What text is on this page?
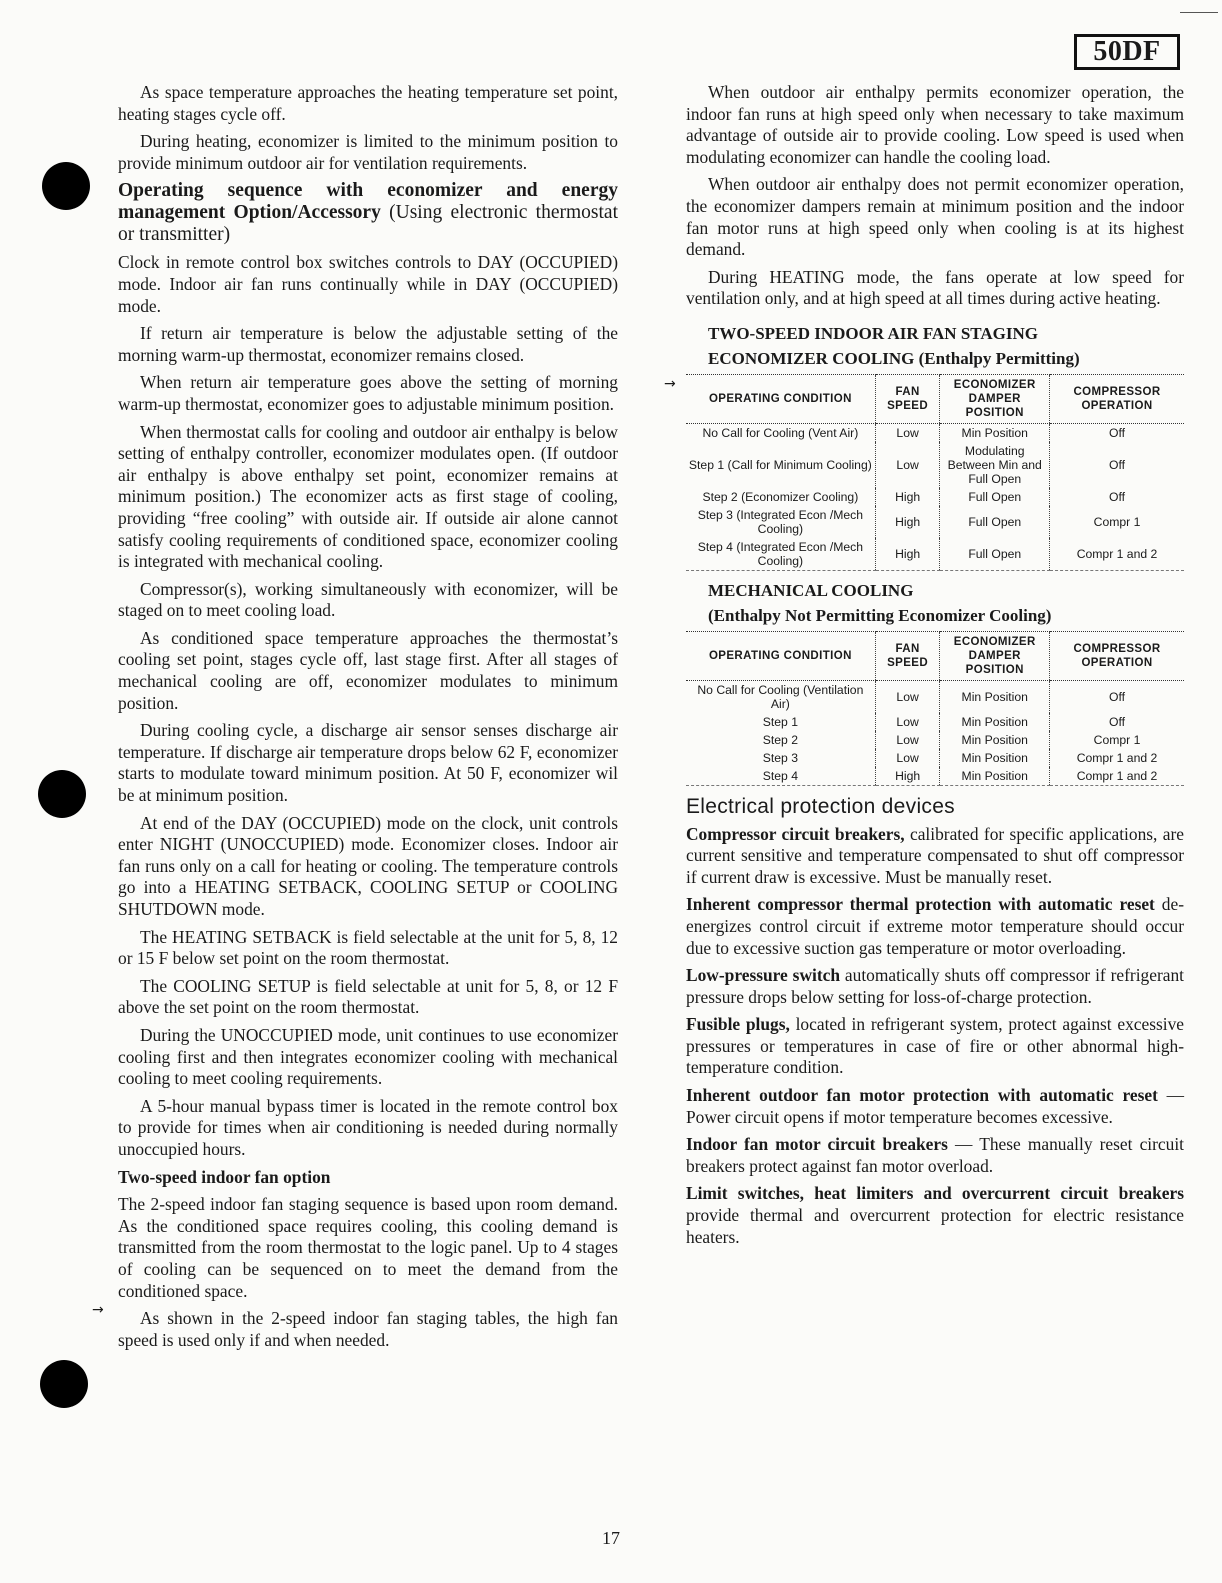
50DF
→
→

As space temperature approaches the heating temperature set point, heating stages cycle off.

During heating, economizer is limited to the minimum position to provide minimum outdoor air for ventilation requirements.

Operating sequence with economizer and energy management Option/Accessory (Using electronic thermostat or transmitter)

Clock in remote control box switches controls to DAY (OCCUPIED) mode. Indoor air fan runs continually while in DAY (OCCUPIED) mode.

If return air temperature is below the adjustable setting of the morning warm-up thermostat, economizer remains closed.

When return air temperature goes above the setting of morning warm-up thermostat, economizer goes to adjustable minimum position.

When thermostat calls for cooling and outdoor air enthalpy is below setting of enthalpy controller, economizer modulates open. (If outdoor air enthalpy is above enthalpy set point, economizer remains at minimum position.) The economizer acts as first stage of cooling, providing “free cooling” with outside air. If outside air alone cannot satisfy cooling requirements of conditioned space, economizer cooling is integrated with mechanical cooling.

Compressor(s), working simultaneously with economizer, will be staged on to meet cooling load.

As conditioned space temperature approaches the thermostat’s cooling set point, stages cycle off, last stage first. After all stages of mechanical cooling are off, economizer modulates to minimum position.

During cooling cycle, a discharge air sensor senses discharge air temperature. If discharge air temperature drops below 62 F, economizer starts to modulate toward minimum position. At 50 F, economizer wil be at minimum position.

At end of the DAY (OCCUPIED) mode on the clock, unit controls enter NIGHT (UNOCCUPIED) mode. Economizer closes. Indoor air fan runs only on a call for heating or cooling. The temperature controls go into a HEATING SETBACK, COOLING SETUP or COOLING SHUTDOWN mode.

The HEATING SETBACK is field selectable at the unit for 5, 8, 12 or 15 F below set point on the room thermostat.

The COOLING SETUP is field selectable at unit for 5, 8, or 12 F above the set point on the room thermostat.

During the UNOCCUPIED mode, unit continues to use economizer cooling first and then integrates economizer cooling with mechanical cooling to meet cooling requirements.

A 5-hour manual bypass timer is located in the remote control box to provide for times when air conditioning is needed during normally unoccupied hours.

Two-speed indoor fan option

The 2-speed indoor fan staging sequence is based upon room demand. As the conditioned space requires cooling, this cooling demand is transmitted from the room thermostat to the logic panel. Up to 4 stages of cooling can be sequenced on to meet the demand from the conditioned space.

As shown in the 2-speed indoor fan staging tables, the high fan speed is used only if and when needed.

When outdoor air enthalpy permits economizer operation, the indoor fan runs at high speed only when necessary to take maximum advantage of outside air to provide cooling. Low speed is used when modulating economizer can handle the cooling load.

When outdoor air enthalpy does not permit economizer operation, the economizer dampers remain at minimum position and the indoor fan motor runs at high speed only when cooling is at its highest demand.

During HEATING mode, the fans operate at low speed for ventilation only, and at high speed at all times during active heating.

TWO-SPEED INDOOR AIR FAN STAGING

ECONOMIZER COOLING (Enthalpy Permitting)

OPERATING CONDITION	FAN SPEED	ECONOMIZER DAMPER POSITION	COMPRESSOR OPERATION
No Call for Cooling (Vent Air)	Low	Min Position	Off
Step 1 (Call for Minimum Cooling)	Low	Modulating Between Min and Full Open	Off
Step 2 (Economizer Cooling)	High	Full Open	Off
Step 3 (Integrated Econ /Mech Cooling)	High	Full Open	Compr 1
Step 4 (Integrated Econ /Mech Cooling)	High	Full Open	Compr 1 and 2

MECHANICAL COOLING

(Enthalpy Not Permitting Economizer Cooling)

OPERATING CONDITION	FAN SPEED	ECONOMIZER DAMPER POSITION	COMPRESSOR OPERATION
No Call for Cooling (Ventilation Air)	Low	Min Position	Off
Step 1	Low	Min Position	Off
Step 2	Low	Min Position	Compr 1
Step 3	Low	Min Position	Compr 1 and 2
Step 4	High	Min Position	Compr 1 and 2

Electrical protection devices

Compressor circuit breakers, calibrated for specific applications, are current sensitive and temperature compensated to shut off compressor if current draw is excessive. Must be manually reset.

Inherent compressor thermal protection with automatic reset de-energizes control circuit if extreme motor temperature should occur due to excessive suction gas temperature or motor overloading.

Low-pressure switch automatically shuts off compressor if refrigerant pressure drops below setting for loss-of-charge protection.

Fusible plugs, located in refrigerant system, protect against excessive pressures or temperatures in case of fire or other abnormal high-temperature condition.

Inherent outdoor fan motor protection with automatic reset — Power circuit opens if motor temperature becomes excessive.

Indoor fan motor circuit breakers — These manually reset circuit breakers protect against fan motor overload.

Limit switches, heat limiters and overcurrent circuit breakers provide thermal and overcurrent protection for electric resistance heaters.

17
